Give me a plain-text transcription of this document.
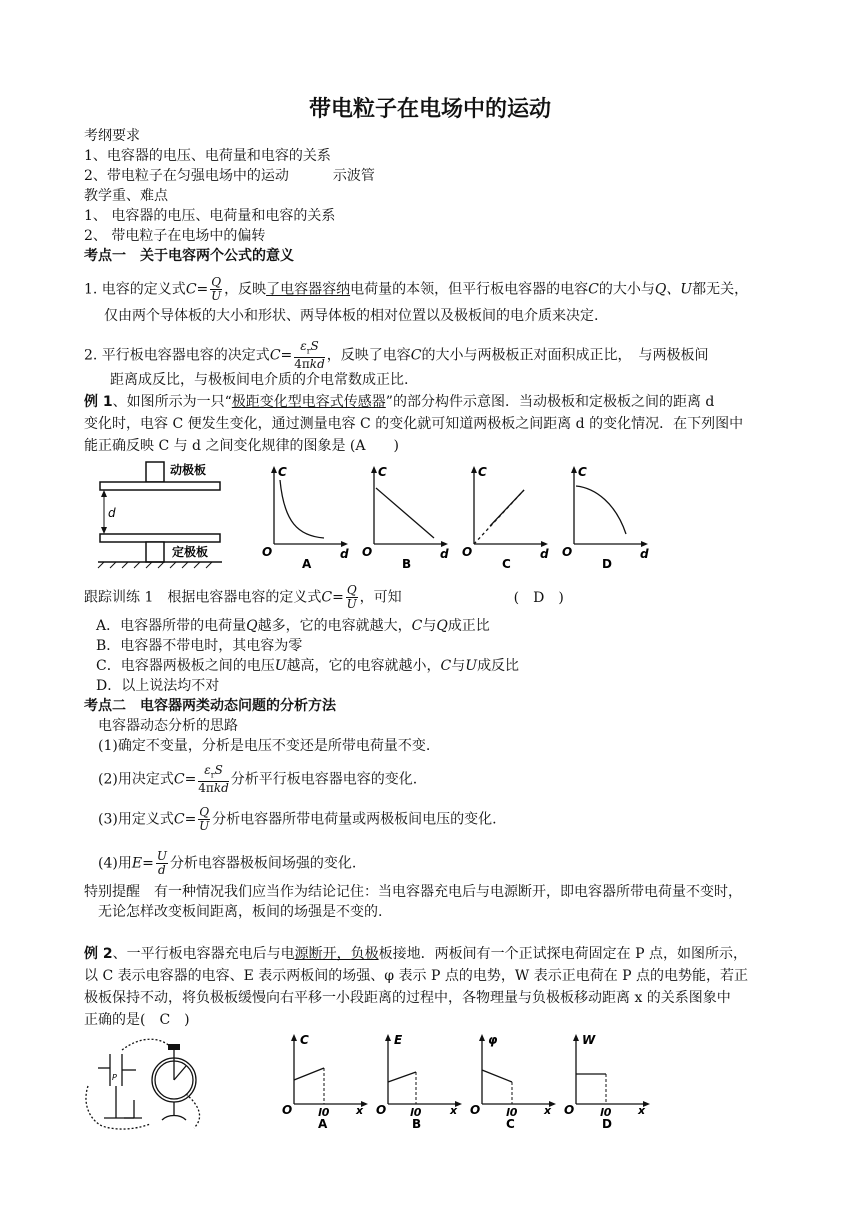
带电粒子在电场中的运动
考纲要求
1、电容器的电压、电荷量和电容的关系
2、带电粒子在匀强电场中的运动	示波管
教学重、难点
1、 电容器的电压、电荷量和电容的关系
2、 带电粒子在电场中的偏转
考点一　关于电容两个公式的意义
1. 电容的定义式$C= \frac{Q}{U}$ ，反映了电容器容纳电荷量的本领，但平行板电容器的电容C的大小与Q、U都无关，
仅由两个导体板的大小和形状、两导体板的相对位置以及极板间的电介质来决定.
2. 平行板电容器电容的决定式$C= \frac{\varepsilon_rS}{\text{4πkd}}$ ，反映了电容C的大小与两极板正对面积成正比，　与两极板间
距离成反比，与极板间电介质的介电常数成正比.
例 1、如图所示为一只“极距变化型电容式传感器”的部分构件示意图．当动极板和定极板之间的距离 d
变化时，电容 C 便发生变化，通过测量电容 C 的变化就可知道两极板之间距离 d 的变化情况．在下列图中
能正确反映 C 与 d 之间变化规律的图象是 (A　　)
d
动极板
定极板
C
O	d
A
C
O	d
B
C
O	d
C
C
O	d
D
跟踪训练 1　根据电容器电容的定义式$C= \frac{Q}{U}$ ，可知	(　D　)
A．电容器所带的电荷量Q越多，它的电容就越大，C与Q成正比
B．电容器不带电时，其电容为零
C．电容器两极板之间的电压U越高，它的电容就越小，C与U成反比
D．以上说法均不对
考点二　电容器两类动态问题的分析方法
电容器动态分析的思路
(1)确定不变量，分析是电压不变还是所带电荷量不变.
(2)用决定式$C= \frac{\varepsilon_rS}{\text{4πkd}}$ 分析平行板电容器电容的变化.
(3)用定义式$C= \frac{Q}{U}$ 分析电容器所带电荷量或两极板间电压的变化.
(4)用$E= \frac{U}{d}$ 分析电容器极板间场强的变化.
特别提醒　有一种情况我们应当作为结论记住：当电容器充电后与电源断开，即电容器所带电荷量不变时，
无论怎样改变板间距离，板间的场强是不变的.
例 2、一平行板电容器充电后与电源断开，负极板接地．两板间有一个正试探电荷固定在 P 点，如图所示，
以 C 表示电容器的电容、E 表示两板间的场强、φ 表示 P 点的电势，W 表示正电荷在 P 点的电势能，若正
极板保持不动，将负极板缓慢向右平移一小段距离的过程中，各物理量与负极板移动距离 x 的关系图象中
正确的是(　C　)
P
C
O l0 x
A
E
O l0	x
B
φ
O l0 x
C
W
O l0 x
D
